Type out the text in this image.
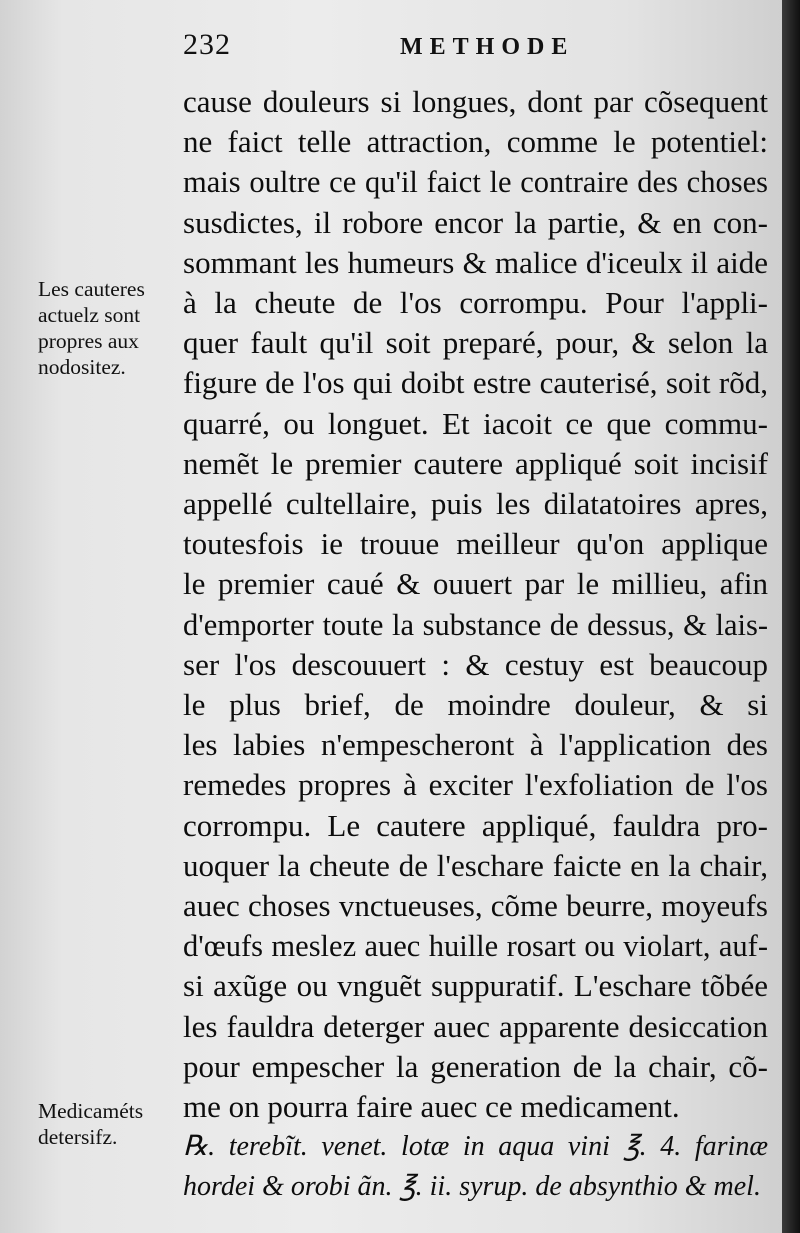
232	METHODE
Les cauteres
actuelz sont
propres aux
nodositez.
Medicaméts
detersifz.
cause douleurs si longues, dont par cõsequent
ne faict telle attraction, comme le potentiel:
mais oultre ce qu'il faict le contraire des choses
susdictes, il robore encor la partie, & en con-
sommant les humeurs & malice d'iceulx il aide
à la cheute de l'os corrompu. Pour l'appli-
quer fault qu'il soit preparé, pour, & selon la
figure de l'os qui doibt estre cauterisé, soit rõd,
quarré, ou longuet. Et iacoit ce que commu-
nemẽt le premier cautere appliqué soit incisif
appellé cultellaire, puis les dilatatoires apres,
toutesfois ie trouue meilleur qu'on applique
le premier caué & ouuert par le millieu, afin
d'emporter toute la substance de dessus, & lais-
ser l'os descouuert : & cestuy est beaucoup
le plus brief, de moindre douleur, & si
les labies n'empescheront à l'application des
remedes propres à exciter l'exfoliation de l'os
corrompu. Le cautere appliqué, fauldra pro-
uoquer la cheute de l'eschare faicte en la chair,
auec choses vnctueuses, cõme beurre, moyeufs
d'œufs meslez auec huille rosart ou violart, auf-
si axũge ou vnguẽt suppuratif. L'eschare tõbée
les fauldra deterger auec apparente desiccation
pour empescher la generation de la chair, cõ-
me on pourra faire auec ce medicament.
℞. terebĩt. venet. lotæ in aqua vini ℥. 4. farinæ
hordei & orobi ãn. ℥. ii. syrup. de absynthio & mel.
